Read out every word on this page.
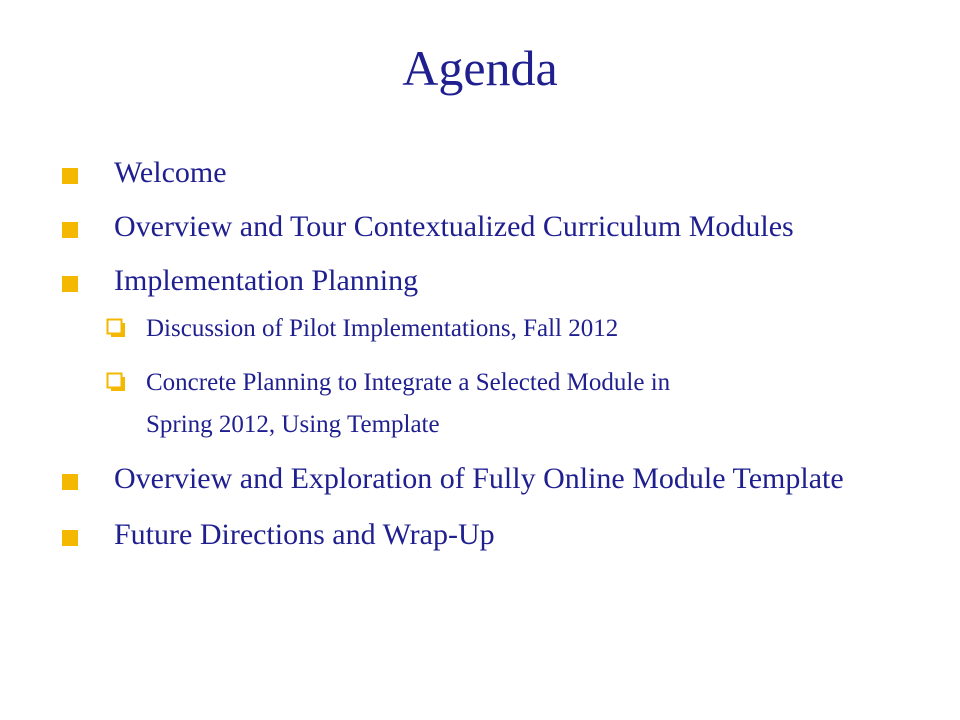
Agenda
Welcome
Overview and Tour Contextualized Curriculum Modules
Implementation Planning
Discussion of Pilot Implementations, Fall 2012
Concrete Planning to Integrate a Selected Module in
Spring 2012, Using Template
Overview and Exploration of Fully Online Module Template
Future Directions and Wrap-Up
